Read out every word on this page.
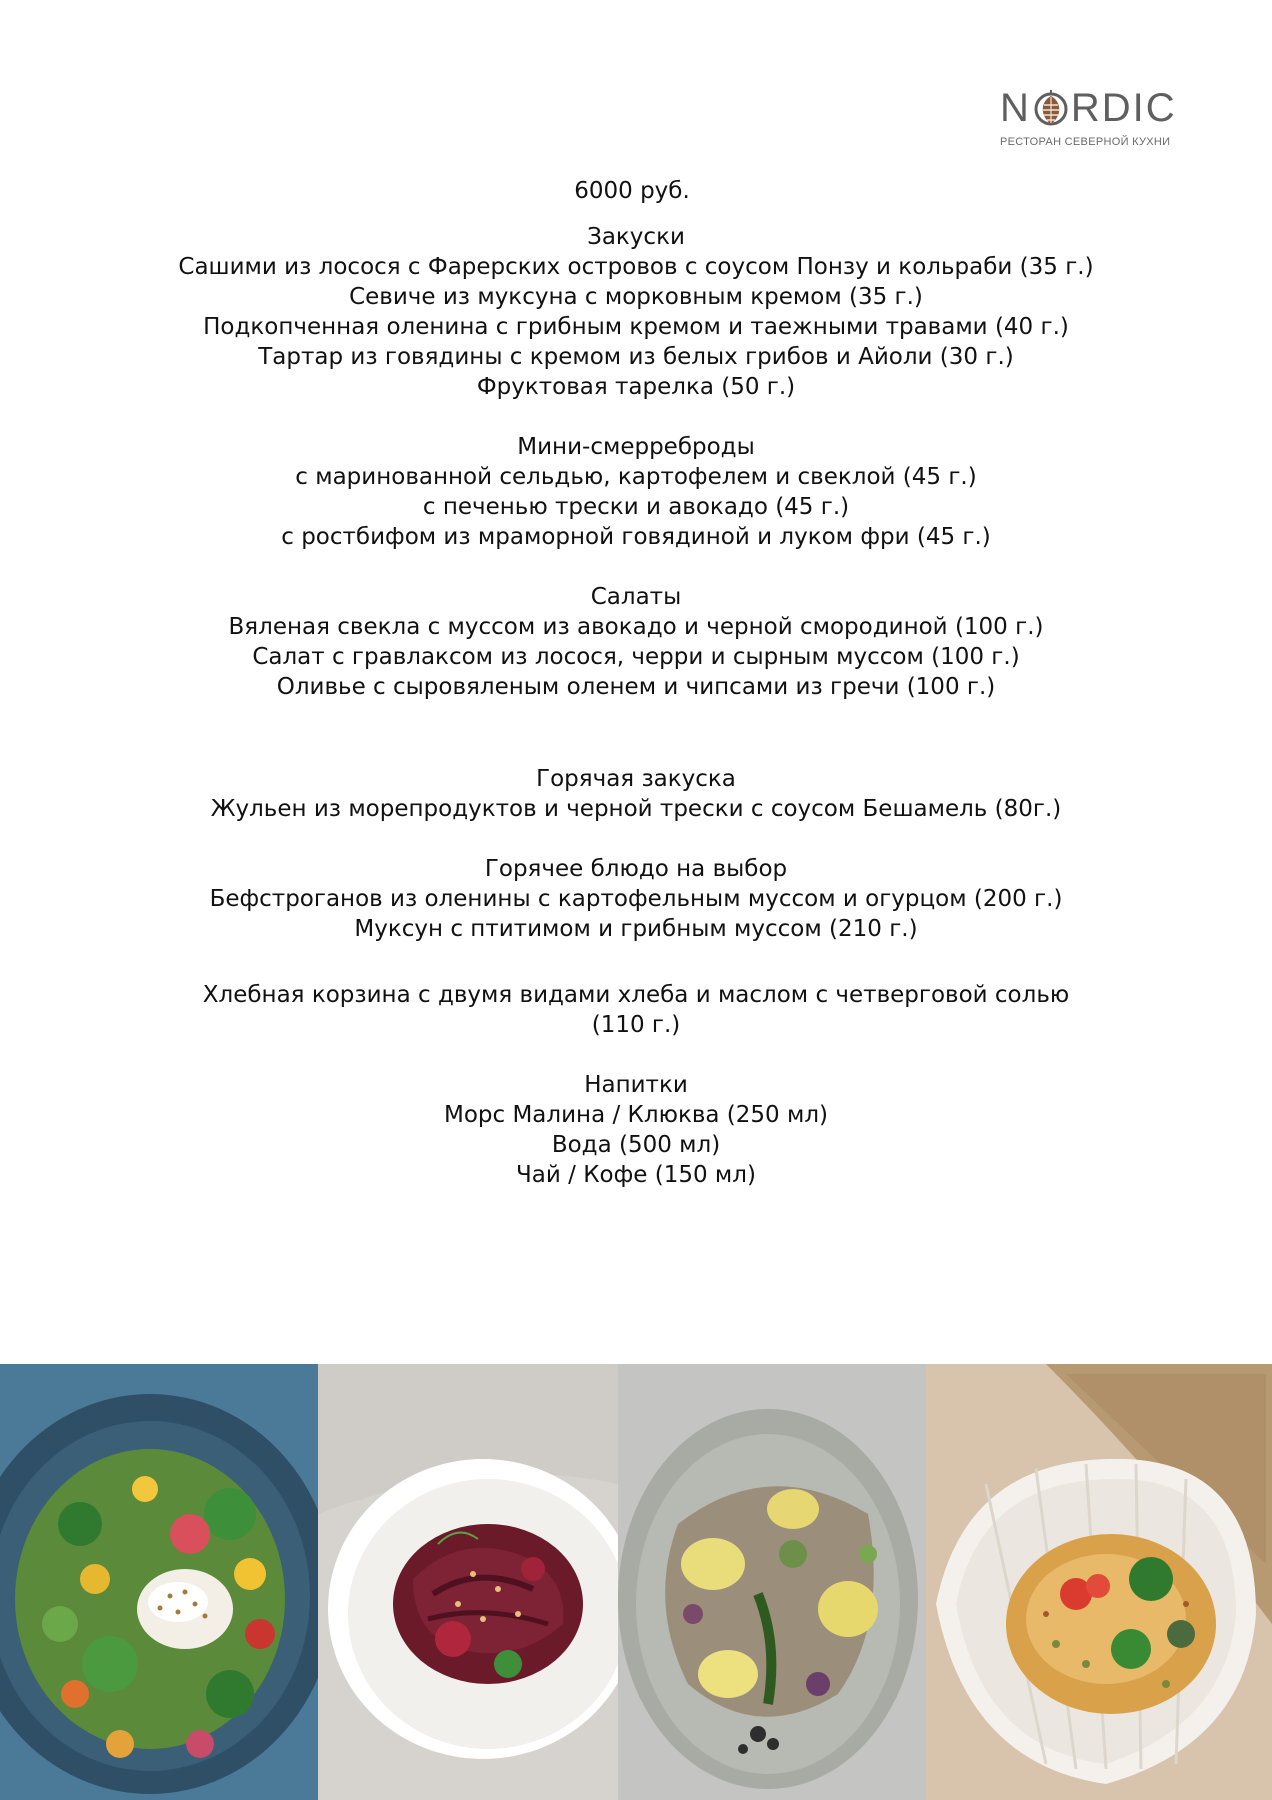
N RDIC
РЕСТОРАН СЕВЕРНОЙ КУХНИ
6000 руб.
Закуски
Сашими из лосося с Фарерских островов с соусом Понзу и кольраби (35 г.)
Севиче из муксуна с морковным кремом (35 г.)
Подкопченная оленина с грибным кремом и таежными травами (40 г.)
Тартар из говядины с кремом из белых грибов и Айоли (30 г.)
Фруктовая тарелка (50 г.)
Мини-смерреброды
с маринованной сельдью, картофелем и свеклой (45 г.)
с печенью трески и авокадо (45 г.)
с ростбифом из мраморной говядиной и луком фри (45 г.)
Салаты
Вяленая свекла с муссом из авокадо и черной смородиной (100 г.)
Салат с гравлаксом из лосося, черри и сырным муссом (100 г.)
Оливье с сыровяленым оленем и чипсами из гречи (100 г.)
Горячая закуска
Жульен из морепродуктов и черной трески с соусом Бешамель (80г.)
Горячее блюдо на выбор
Бефстроганов из оленины с картофельным муссом и огурцом (200 г.)
Муксун с птитимом и грибным муссом (210 г.)
Хлебная корзина с двумя видами хлеба и маслом с четверговой солью
(110 г.)
Напитки
Морс Малина / Клюква (250 мл)
Вода (500 мл)
Чай / Кофе (150 мл)
